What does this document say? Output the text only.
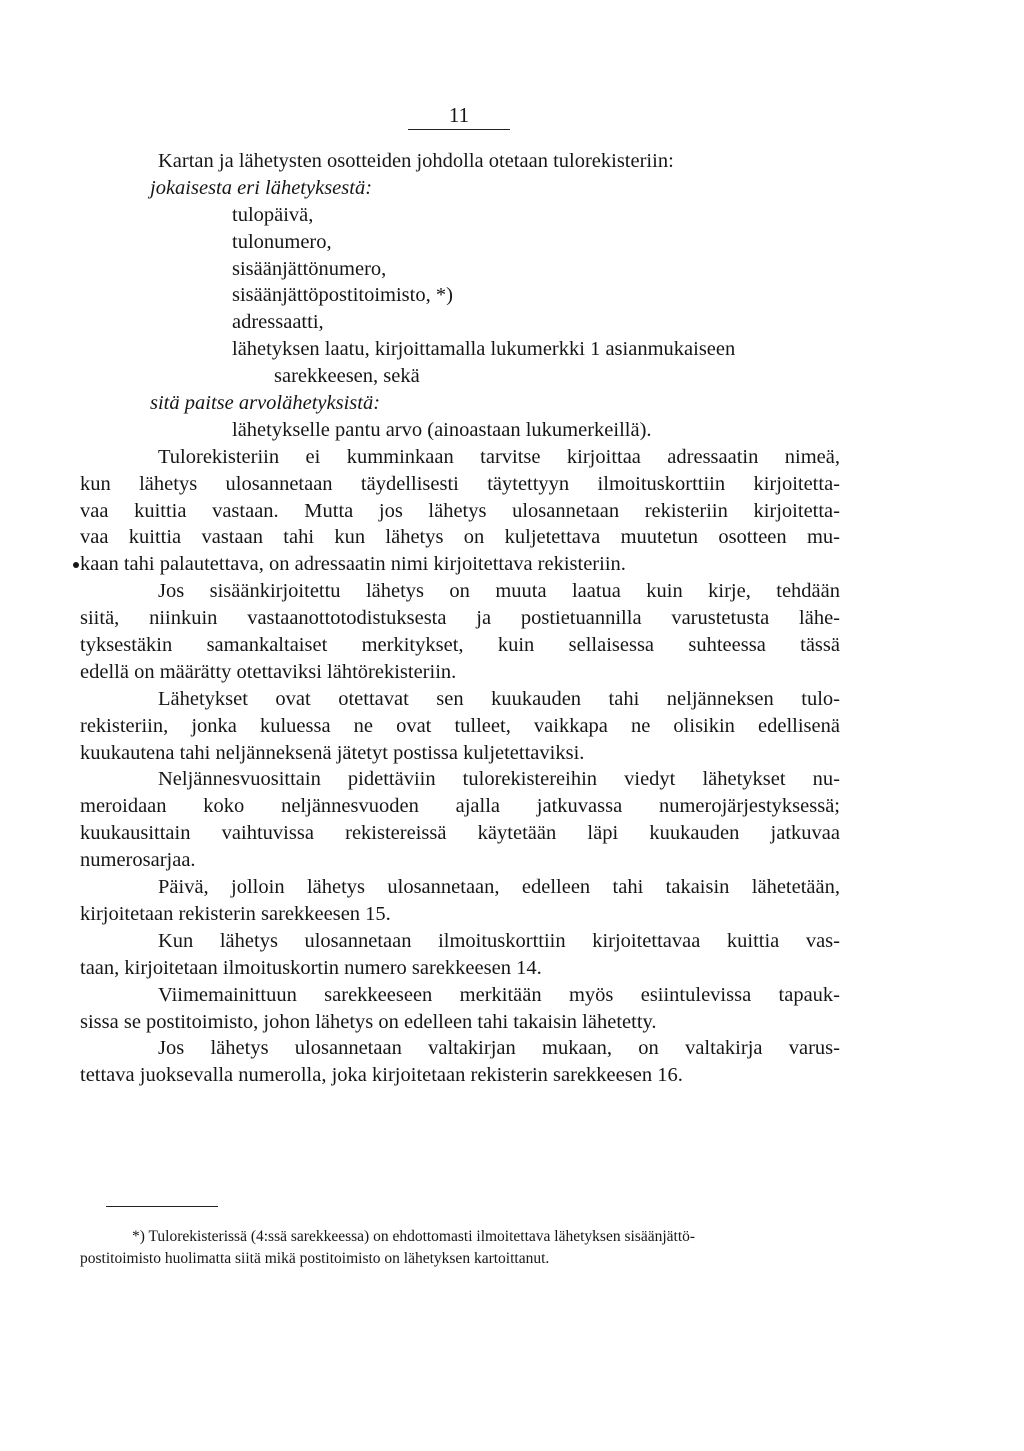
11
Kartan ja lähetysten osotteiden johdolla otetaan tulorekisteriin:
jokaisesta eri lähetyksestä:
tulopäivä,
tulonumero,
sisäänjättönumero,
sisäänjättöpostitoimisto, *)
adressaatti,
lähetyksen laatu, kirjoittamalla lukumerkki 1 asianmukaiseen
sarekkeesen, sekä
sitä paitse arvolähetyksistä:
lähetykselle pantu arvo (ainoastaan lukumerkeillä).
Tulorekisteriin ei kumminkaan tarvitse kirjoittaa adressaatin nimeä,
kun lähetys ulosannetaan täydellisesti täytettyyn ilmoituskorttiin kirjoitetta-
vaa kuittia vastaan. Mutta jos lähetys ulosannetaan rekisteriin kirjoitetta-
vaa kuittia vastaan tahi kun lähetys on kuljetettava muutetun osotteen mu-
kaan tahi palautettava, on adressaatin nimi kirjoitettava rekisteriin.
Jos sisäänkirjoitettu lähetys on muuta laatua kuin kirje, tehdään
siitä, niinkuin vastaanottotodistuksesta ja postietuannilla varustetusta lähe-
tyksestäkin samankaltaiset merkitykset, kuin sellaisessa suhteessa tässä
edellä on määrätty otettaviksi lähtörekisteriin.
Lähetykset ovat otettavat sen kuukauden tahi neljänneksen tulo-
rekisteriin, jonka kuluessa ne ovat tulleet, vaikkapa ne olisikin edellisenä
kuukautena tahi neljänneksenä jätetyt postissa kuljetettaviksi.
Neljännesvuosittain pidettäviin tulorekistereihin viedyt lähetykset nu-
meroidaan koko neljännesvuoden ajalla jatkuvassa numerojärjestyksessä;
kuukausittain vaihtuvissa rekistereissä käytetään läpi kuukauden jatkuvaa
numerosarjaa.
Päivä, jolloin lähetys ulosannetaan, edelleen tahi takaisin lähetetään,
kirjoitetaan rekisterin sarekkeesen 15.
Kun lähetys ulosannetaan ilmoituskorttiin kirjoitettavaa kuittia vas-
taan, kirjoitetaan ilmoituskortin numero sarekkeesen 14.
Viimemainittuun sarekkeeseen merkitään myös esiintulevissa tapauk-
sissa se postitoimisto, johon lähetys on edelleen tahi takaisin lähetetty.
Jos lähetys ulosannetaan valtakirjan mukaan, on valtakirja varus-
tettava juoksevalla numerolla, joka kirjoitetaan rekisterin sarekkeesen 16.
*) Tulorekisterissä (4:ssä sarekkeessa) on ehdottomasti ilmoitettava lähetyksen sisäänjättö-
postitoimisto huolimatta siitä mikä postitoimisto on lähetyksen kartoittanut.
